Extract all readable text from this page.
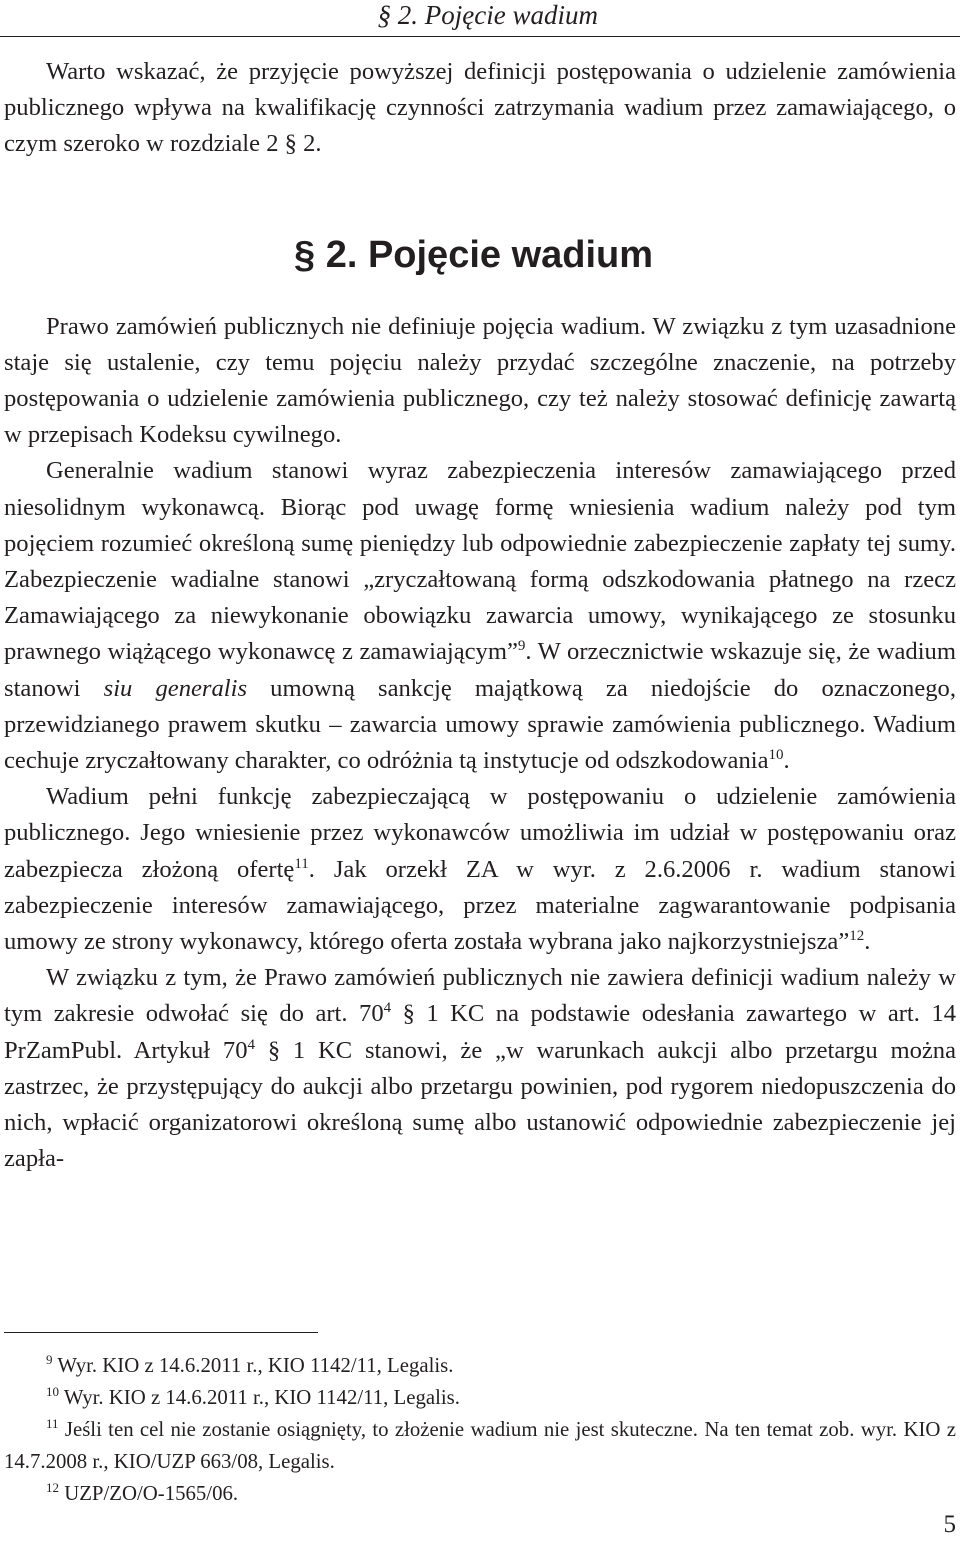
§ 2. Pojęcie wadium

Warto wskazać, że przyjęcie powyższej definicji postępowania o udzielenie zamówienia publicznego wpływa na kwalifikację czynności zatrzymania wadium przez zamawiającego, o czym szeroko w rozdziale 2 § 2.

§ 2. Pojęcie wadium

Prawo zamówień publicznych nie definiuje pojęcia wadium. W związku z tym uzasadnione staje się ustalenie, czy temu pojęciu należy przydać szczególne znaczenie, na potrzeby postępowania o udzielenie zamówienia publicznego, czy też należy stosować definicję zawartą w przepisach Kodeksu cywilnego.

Generalnie wadium stanowi wyraz zabezpieczenia interesów zamawiającego przed niesolidnym wykonawcą. Biorąc pod uwagę formę wniesienia wadium należy pod tym pojęciem rozumieć określoną sumę pieniędzy lub odpowiednie zabezpieczenie zapłaty tej sumy. Zabezpieczenie wadialne stanowi „zryczałtowaną formą odszkodowania płatnego na rzecz Zamawiającego za niewykonanie obowiązku zawarcia umowy, wynikającego ze stosunku prawnego wiążącego wykonawcę z zamawiającym”$^9$. W orzecznictwie wskazuje się, że wadium stanowi siu generalis umowną sankcję majątkową za niedojście do oznaczonego, przewidzianego prawem skutku – zawarcia umowy sprawie zamówienia publicznego. Wadium cechuje zryczałtowany charakter, co odróżnia tą instytucje od odszkodowania$^{10}$.

Wadium pełni funkcję zabezpieczającą w postępowaniu o udzielenie zamówienia publicznego. Jego wniesienie przez wykonawców umożliwia im udział w postępowaniu oraz zabezpiecza złożoną ofertę$^{11}$. Jak orzekł ZA w wyr. z 2.6.2006 r. wadium stanowi zabezpieczenie interesów zamawiającego, przez materialne zagwarantowanie podpisania umowy ze strony wykonawcy, którego oferta została wybrana jako najkorzystniejsza”$^{12}$.

W związku z tym, że Prawo zamówień publicznych nie zawiera definicji wadium należy w tym zakresie odwołać się do art. $70^4$ § 1 KC na podstawie odesłania zawartego w art. 14 PrZamPubl. Artykuł $70^4$ § 1 KC stanowi, że „w warunkach aukcji albo przetargu można zastrzec, że przystępujący do aukcji albo przetargu powinien, pod rygorem niedopuszczenia do nich, wpłacić organizatorowi określoną sumę albo ustanowić odpowiednie zabezpieczenie jej zapła-

$^9$ Wyr. KIO z 14.6.2011 r., KIO 1142/11, Legalis.

$^{10}$ Wyr. KIO z 14.6.2011 r., KIO 1142/11, Legalis.

$^{11}$ Jeśli ten cel nie zostanie osiągnięty, to złożenie wadium nie jest skuteczne. Na ten temat zob. wyr. KIO z 14.7.2008 r., KIO/UZP 663/08, Legalis.

$^{12}$ UZP/ZO/O-1565/06.

5
